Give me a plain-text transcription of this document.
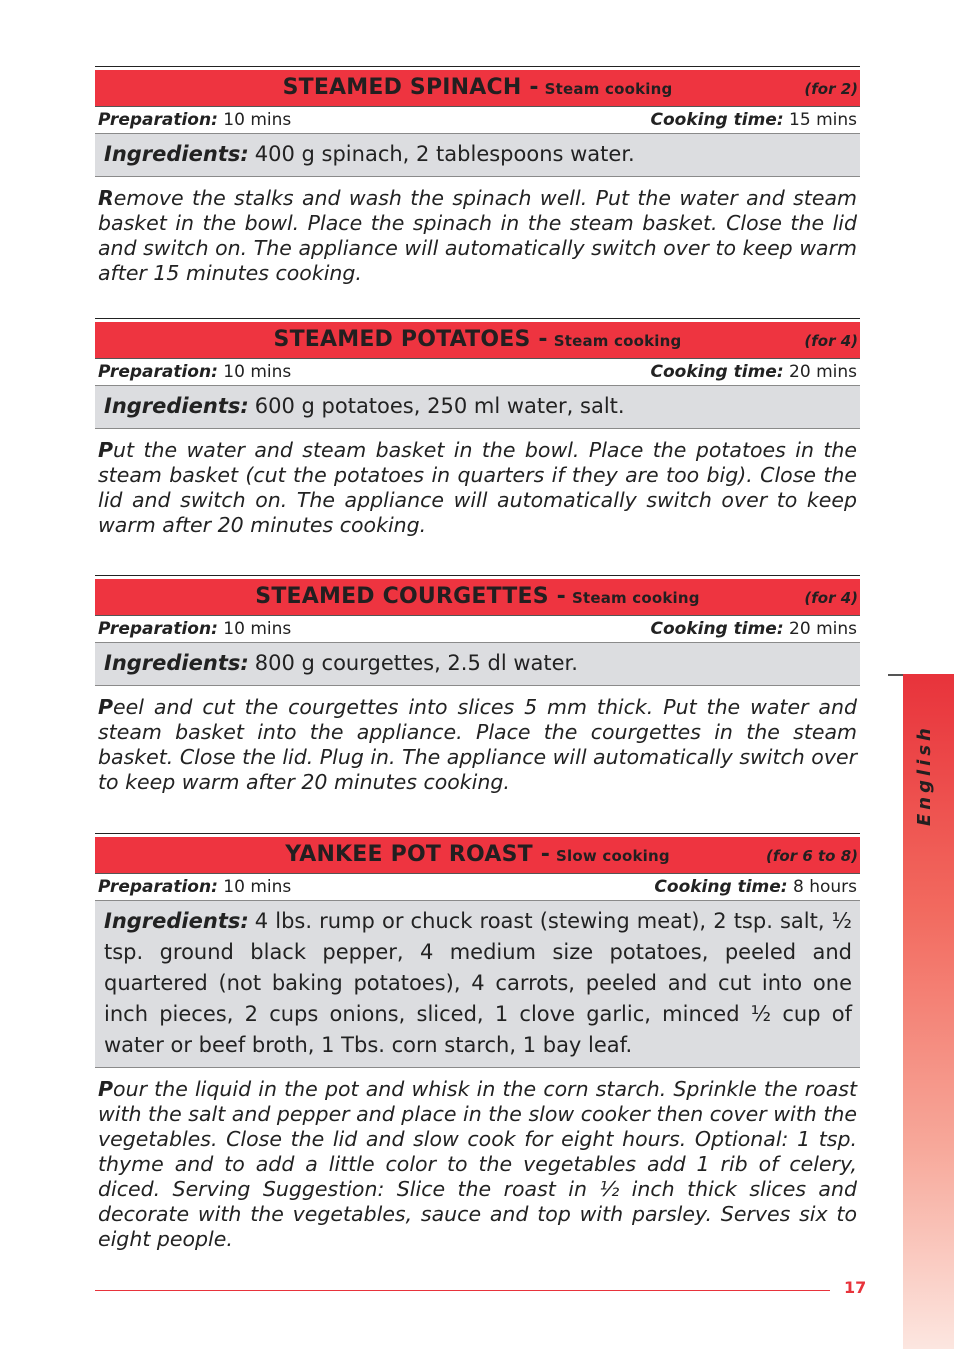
STEAMED SPINACH - Steam cooking	(for 2)
Preparation: 10 mins	Cooking time: 15 mins
Ingredients: 400 g spinach, 2 tablespoons water.
Remove the stalks and wash the spinach well. Put the water and steam basket in the bowl. Place the spinach in the steam basket. Close the lid and switch on. The appliance will automatically switch over to keep warm after 15 minutes cooking.
STEAMED POTATOES - Steam cooking	(for 4)
Preparation: 10 mins	Cooking time: 20 mins
Ingredients: 600 g potatoes, 250 ml water, salt.
Put the water and steam basket in the bowl. Place the potatoes in the steam basket (cut the potatoes in quarters if they are too big). Close the lid and switch on. The appliance will automatically switch over to keep warm after 20 minutes cooking.
STEAMED COURGETTES - Steam cooking	(for 4)
Preparation: 10 mins	Cooking time: 20 mins
Ingredients: 800 g courgettes, 2.5 dl water.
Peel and cut the courgettes into slices 5 mm thick. Put the water and steam basket into the appliance. Place the courgettes in the steam basket. Close the lid. Plug in. The appliance will automatically switch over to keep warm after 20 minutes cooking.
YANKEE POT ROAST - Slow cooking	(for 6 to 8)
Preparation: 10 mins	Cooking time: 8 hours
Ingredients: 4 lbs. rump or chuck roast (stewing meat), 2 tsp. salt, ½ tsp. ground black pepper, 4 medium size potatoes, peeled and quartered (not baking potatoes), 4 carrots, peeled and cut into one inch pieces, 2 cups onions, sliced, 1 clove garlic, minced ½ cup of water or beef broth, 1 Tbs. corn starch, 1 bay leaf.
Pour the liquid in the pot and whisk in the corn starch. Sprinkle the roast with the salt and pepper and place in the slow cooker then cover with the vegetables. Close the lid and slow cook for eight hours. Optional: 1 tsp. thyme and to add a little color to the vegetables add 1 rib of celery, diced. Serving Suggestion: Slice the roast in ½ inch thick slices and decorate with the vegetables, sauce and top with parsley. Serves six to eight people.
English
17
